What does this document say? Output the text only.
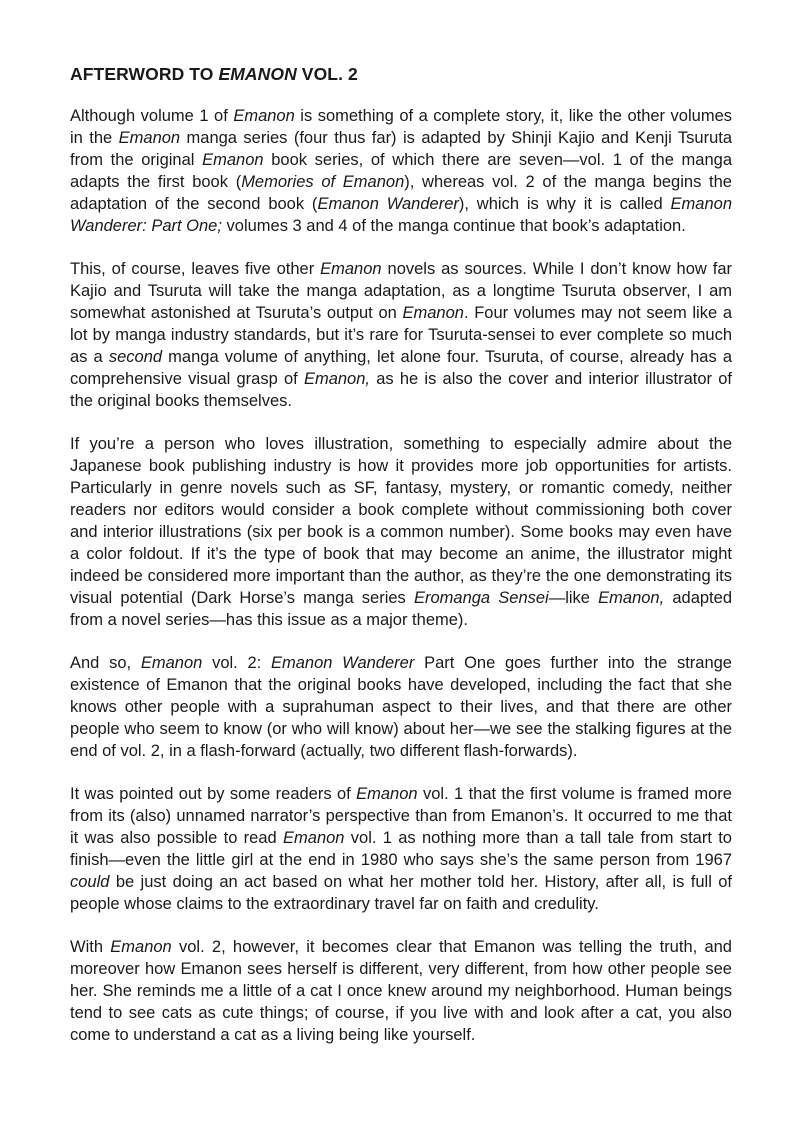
AFTERWORD TO EMANON VOL. 2

Although volume 1 of Emanon is something of a complete story, it, like the other volumes in the Emanon manga series (four thus far) is adapted by Shinji Kajio and Kenji Tsuruta from the original Emanon book series, of which there are seven—vol. 1 of the manga adapts the first book (Memories of Emanon), whereas vol. 2 of the manga begins the adaptation of the second book (Emanon Wanderer), which is why it is called Emanon Wanderer: Part One; volumes 3 and 4 of the manga continue that book’s adaptation.

This, of course, leaves five other Emanon novels as sources. While I don’t know how far Kajio and Tsuruta will take the manga adaptation, as a longtime Tsuruta observer, I am somewhat astonished at Tsuruta’s output on Emanon. Four volumes may not seem like a lot by manga industry standards, but it’s rare for Tsuruta-sensei to ever complete so much as a second manga volume of anything, let alone four. Tsuruta, of course, already has a comprehensive visual grasp of Emanon, as he is also the cover and interior illustrator of the original books themselves.

If you’re a person who loves illustration, something to especially admire about the Japanese book publishing industry is how it provides more job opportunities for artists. Particularly in genre novels such as SF, fantasy, mystery, or romantic comedy, neither readers nor editors would consider a book complete without commissioning both cover and interior illustrations (six per book is a common number). Some books may even have a color foldout. If it’s the type of book that may become an anime, the illustrator might indeed be considered more important than the author, as they’re the one demonstrating its visual potential (Dark Horse’s manga series Eromanga Sensei—like Emanon, adapted from a novel series—has this issue as a major theme).

And so, Emanon vol. 2: Emanon Wanderer Part One goes further into the strange existence of Emanon that the original books have developed, including the fact that she knows other people with a suprahuman aspect to their lives, and that there are other people who seem to know (or who will know) about her—we see the stalking figures at the end of vol. 2, in a flash-forward (actually, two different flash-forwards).

It was pointed out by some readers of Emanon vol. 1 that the first volume is framed more from its (also) unnamed narrator’s perspective than from Emanon’s. It occurred to me that it was also possible to read Emanon vol. 1 as nothing more than a tall tale from start to finish—even the little girl at the end in 1980 who says she’s the same person from 1967 could be just doing an act based on what her mother told her. History, after all, is full of people whose claims to the extraordinary travel far on faith and credulity.

With Emanon vol. 2, however, it becomes clear that Emanon was telling the truth, and moreover how Emanon sees herself is different, very different, from how other people see her. She reminds me a little of a cat I once knew around my neighborhood. Human beings tend to see cats as cute things; of course, if you live with and look after a cat, you also come to understand a cat as a living being like yourself.
